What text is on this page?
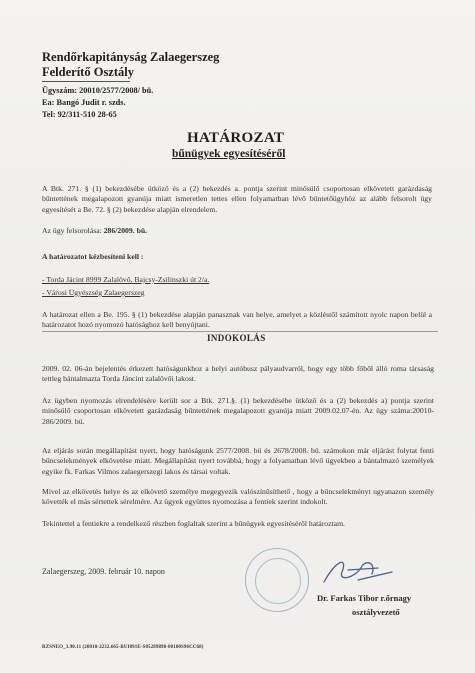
Rendőrkapitányság Zalaegerszeg
Felderítő Osztály
Ügyszám: 20010/2577/2008/ bü.
Ea: Bangó Judit r. szds.
Tel: 92/311-510 28-65
HATÁROZAT
bűnügyek egyesítéséről
A Btk. 271. § (1) bekezdésébe ütköző és a (2) bekezdés a. pontja szerint minősülő csoportosan elkövetett garázdaság bűntettének megalapozott gyanúja miatt ismeretlen tettes ellen folyamatban lévő büntetőügyhöz az alább felsorolt ügy egyesítését a Be. 72. § (2) bekezdése alapján elrendelem.
Az ügy felsorolása: 286/2009. bü.
A határozatot kézbesíteni kell :
- Torda Jácint 8999 Zalalövő, Bajcsy-Zsilinszki út 2/a.
- Városi Ügyészség Zalaegerszeg
A határozat ellen a Be. 195. § (1) bekezdése alapján panasznak van helye, amelyet a közléstől számított nyolc napon belül a határozatot hozó nyomozó hatósághoz kell benyújtani.
INDOKOLÁS
2009. 02. 06-án bejelentés érkezett hatóságunkhoz a helyi autóbusz pályaudvarról, hogy egy több főből álló roma társaság tettleg bántalmazta Torda Jáncint zalalövői lakost.
Az ügyben nyomozás elrendelésére került sor a Btk. 271.§. (1) bekezdésébe ütköző és a (2) bekezdés a) pontja szerint minősülő csoportosan elkövetett garázdaság bűntettének megalapozott gyanúja miatt 2009.02.07-én. Az ügy száma:20010-286/2009. bü.
Az eljárás során megállapítást nyert, hogy hatóságunk 2577/2008. bü és 2678/2008. bü. számokon már eljárást folytat fenti bűncselekmények elkövetése miatt. Megállapítást nyert továbbá, hogy a folyamatban lévő ügyekben a bántalmazó személyek egyike fk. Farkas Vilmos zalaegerszegi lakos és társai voltak.
Mivel az elkövetés helye és az elkövető személye megegyezik valószínűsíthető , hogy a bűncselekményt ugyanazon személy követték el más sértettek sérelmére. Az ügyek együttes nyomozása a fentiek szerint indokolt.
Tekintettel a fentiekre a rendelkező részben foglaltak szerint a bűnügyek egyesítéséről határoztam.
Zalaegerszeg, 2009. február 10. napon
Dr. Farkas Tibor r.őrnagy
osztályvezető
RZSNEO_3.90.11 (20010-2232.665-BUI091E-S05289898-00100S96CC68)
